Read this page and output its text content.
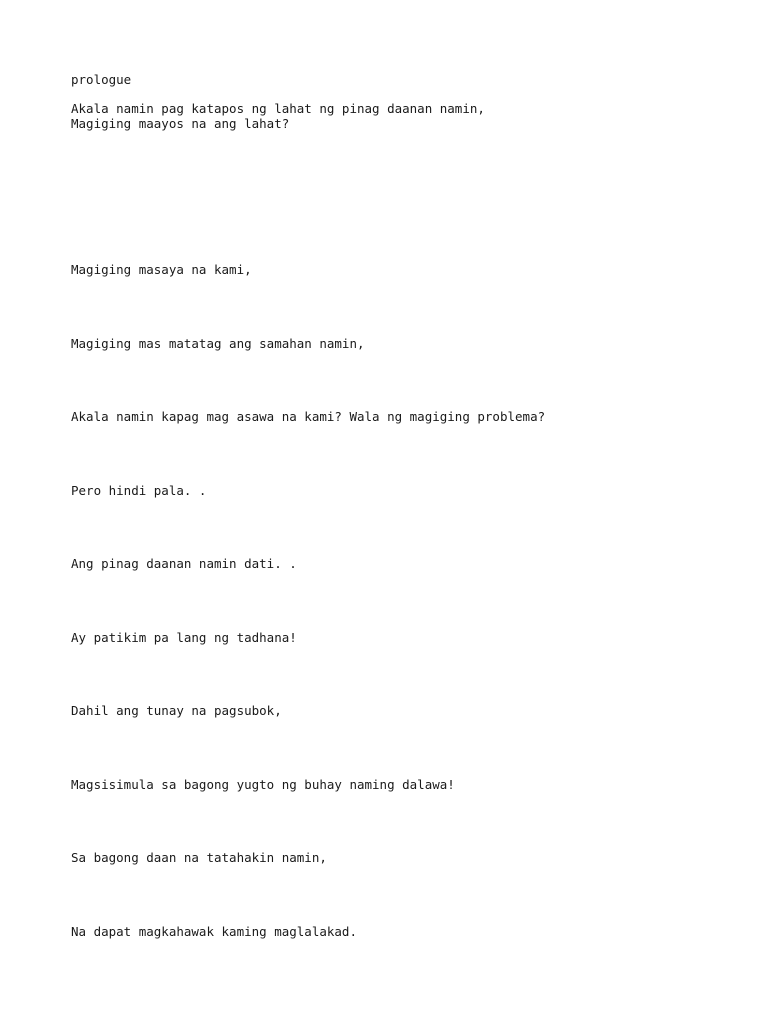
prologue

Akala namin pag katapos ng lahat ng pinag daanan namin,

Magiging maayos na ang lahat?

Magiging masaya na kami,

Magiging mas matatag ang samahan namin,

Akala namin kapag mag asawa na kami? Wala ng magiging problema?

Pero hindi pala. .

Ang pinag daanan namin dati. .

Ay patikim pa lang ng tadhana!

Dahil ang tunay na pagsubok,

Magsisimula sa bagong yugto ng buhay naming dalawa!

Sa bagong daan na tatahakin namin,

Na dapat magkahawak kaming maglalakad.
